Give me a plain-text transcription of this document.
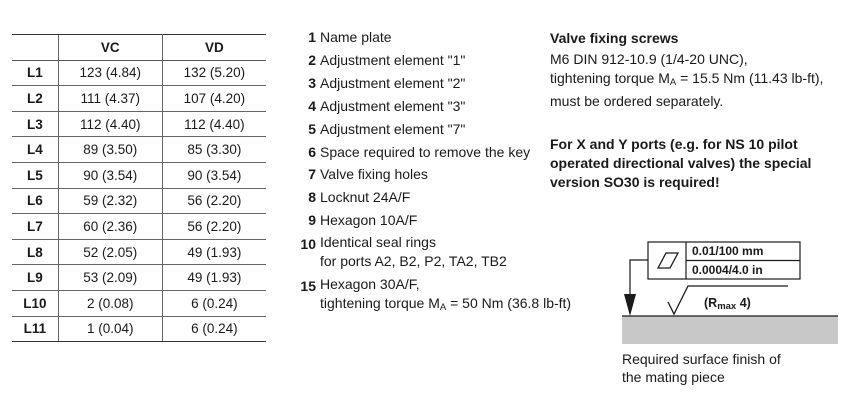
	VC	VD
L1	123 (4.84)	132 (5.20)
L2	111 (4.37)	107 (4.20)
L3	112 (4.40)	112 (4.40)
L4	89 (3.50)	85 (3.30)
L5	90 (3.54)	90 (3.54)
L6	59 (2.32)	56 (2.20)
L7	60 (2.36)	56 (2.20)
L8	52 (2.05)	49 (1.93)
L9	53 (2.09)	49 (1.93)
L10	2 (0.08)	6 (0.24)
L11	1 (0.04)	6 (0.24)
1 Name plate
2 Adjustment element "1"
3 Adjustment element "2"
4 Adjustment element "3"
5 Adjustment element "7"
6 Space required to remove the key
7 Valve fixing holes
8 Locknut 24A/F
9 Hexagon 10A/F
10 Identical seal rings
for ports A2, B2, P2, TA2, TB2
15 Hexagon 30A/F,
tightening torque $M_A = 50$ Nm (36.8 lb-ft)
Valve fixing screws
M6 DIN 912-10.9 (1/4-20 UNC),
tightening torque $M_A = 15.5$ Nm (11.43 lb-ft),
must be ordered separately.
For X and Y ports (e.g. for NS 10 pilot
operated directional valves) the special
version SO30 is required!
0.01/100 mm
0.0004/4.0 in
($R_{max}$ 4)
Required surface finish of
the mating piece
